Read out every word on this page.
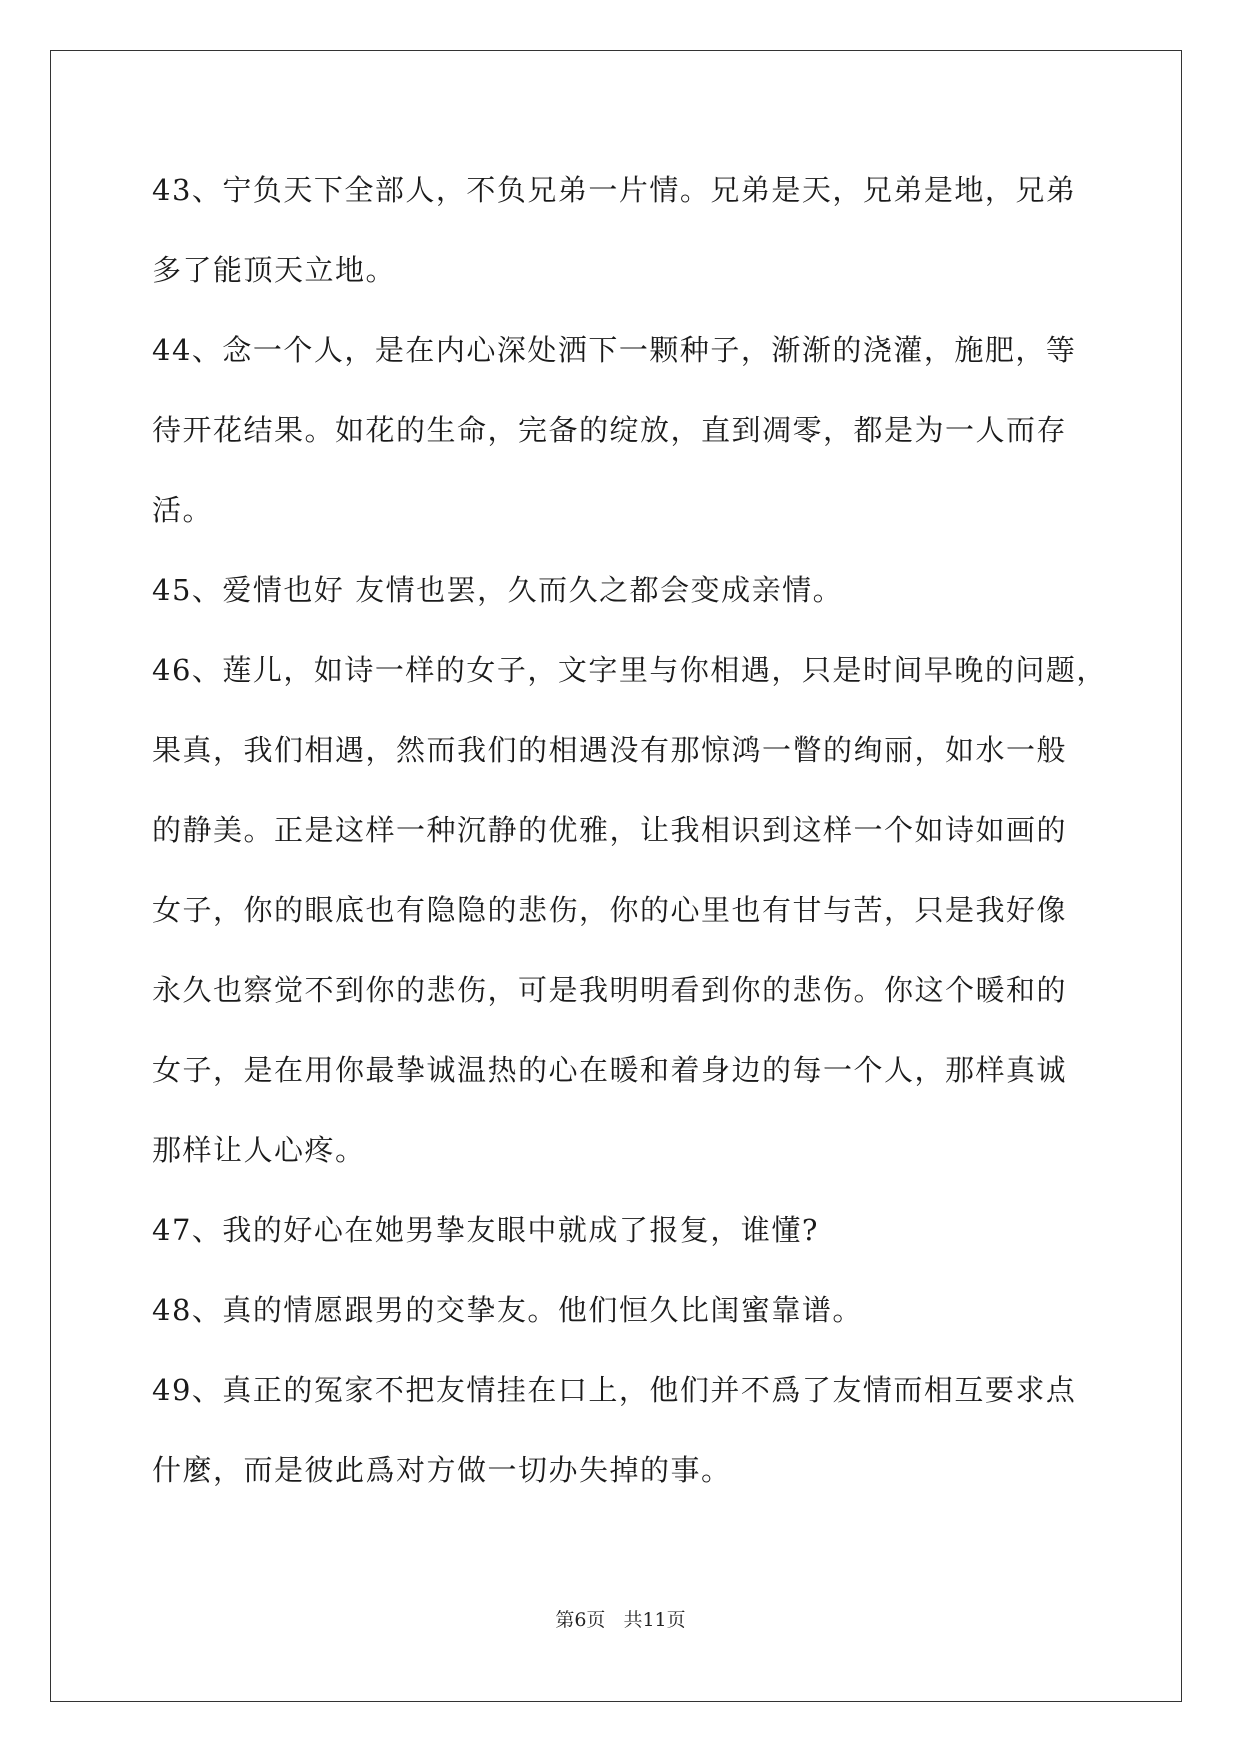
43、宁负天下全部人，不负兄弟一片情。兄弟是天，兄弟是地，兄弟
多了能顶天立地。

44、念一个人，是在内心深处洒下一颗种子，渐渐的浇灌，施肥，等
待开花结果。如花的生命，完备的绽放，直到凋零，都是为一人而存
活。

45、爱情也好 友情也罢，久而久之都会变成亲情。

46、莲儿，如诗一样的女子，文字里与你相遇，只是时间早晚的问题，
果真，我们相遇，然而我们的相遇没有那惊鸿一瞥的绚丽，如水一般
的静美。正是这样一种沉静的优雅，让我相识到这样一个如诗如画的
女子，你的眼底也有隐隐的悲伤，你的心里也有甘与苦，只是我好像
永久也察觉不到你的悲伤，可是我明明看到你的悲伤。你这个暖和的
女子，是在用你最挚诚温热的心在暖和着身边的每一个人，那样真诚
那样让人心疼。

47、我的好心在她男挚友眼中就成了报复，谁懂?

48、真的情愿跟男的交挚友。他们恒久比闺蜜靠谱。

49、真正的冤家不把友情挂在口上，他们并不爲了友情而相互要求点
什麼，而是彼此爲对方做一切办失掉的事。

第6页 共11页
